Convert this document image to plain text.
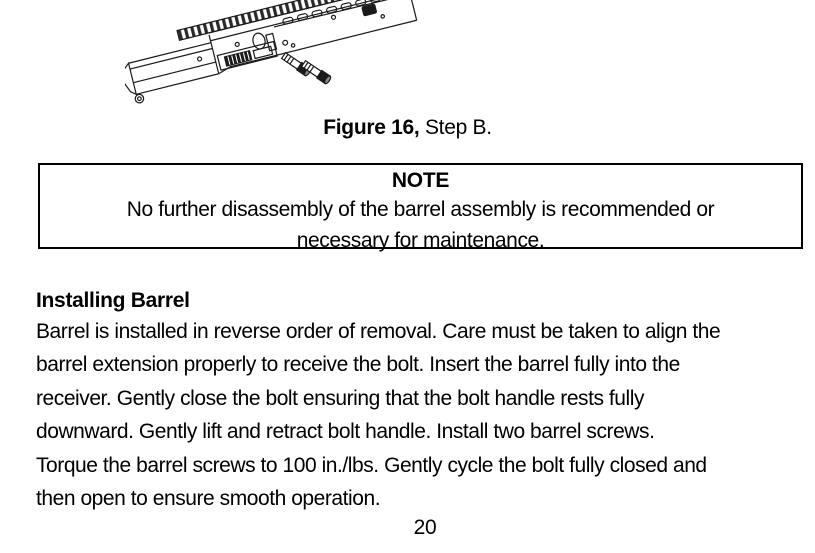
Figure 16, Step B.
NOTE
No further disassembly of the barrel assembly is recommended or
necessary for maintenance.
Installing Barrel
Barrel is installed in reverse order of removal. Care must be taken to align the
barrel extension properly to receive the bolt. Insert the barrel fully into the
receiver. Gently close the bolt ensuring that the bolt handle rests fully
downward. Gently lift and retract bolt handle. Install two barrel screws.
Torque the barrel screws to 100 in./lbs. Gently cycle the bolt fully closed and
then open to ensure smooth operation.
20
